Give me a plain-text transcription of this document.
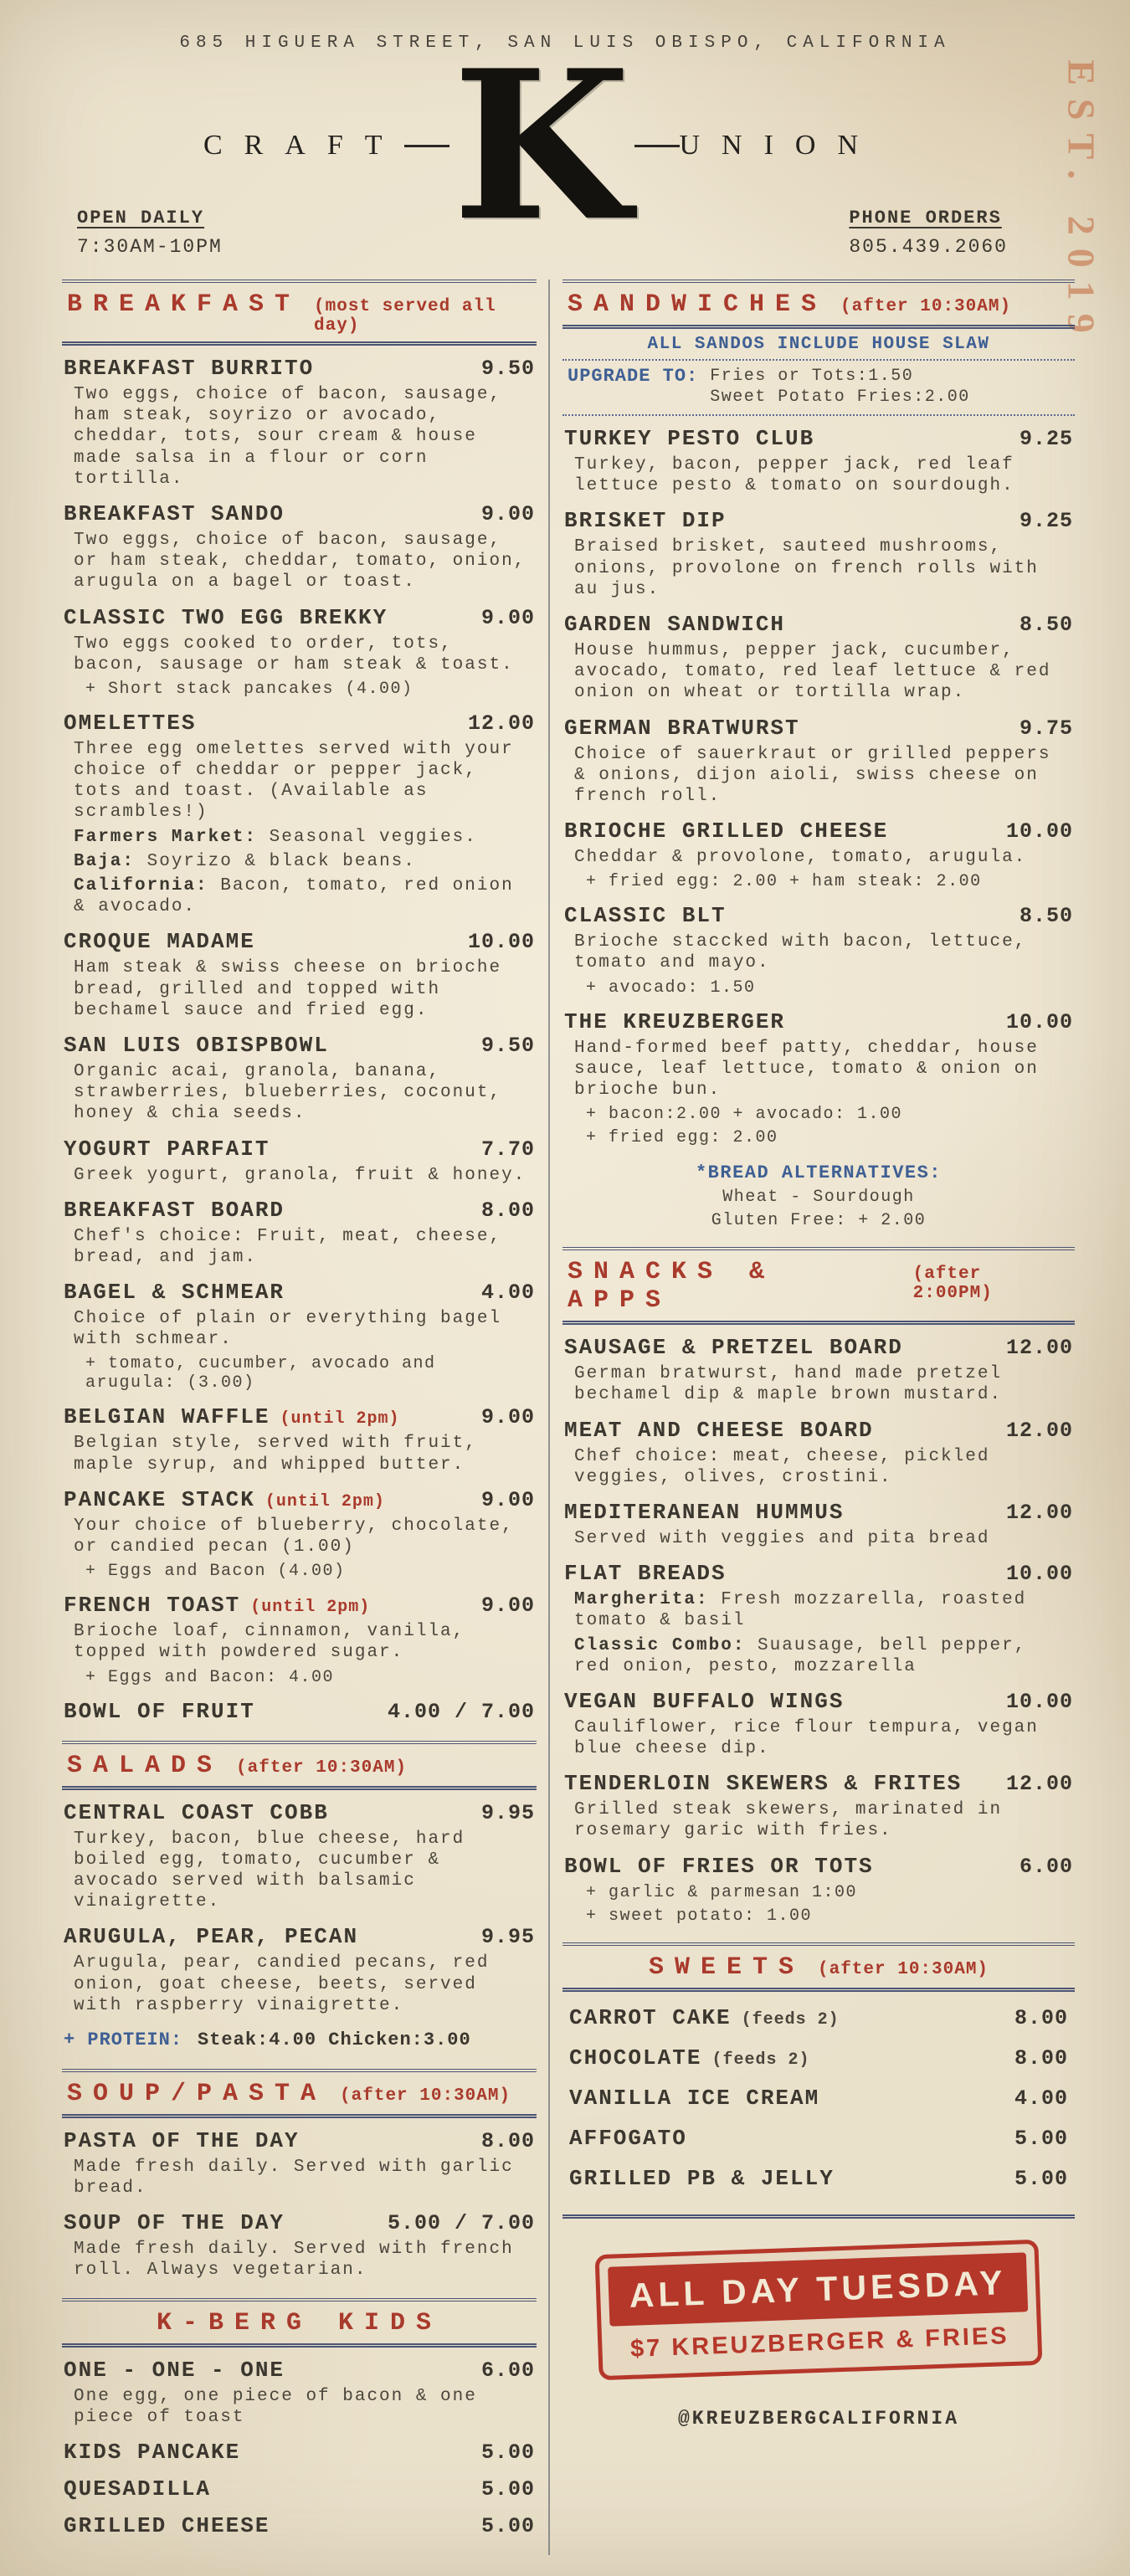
685 HIGUERA STREET, SAN LUIS OBISPO, CALIFORNIA
EST. 2019
CRAFT K UNION
OPEN DAILY
7:30AM-10PM
PHONE ORDERS
805.439.2060
BREAKFAST (most served all day)
BREAKFAST BURRITO	9.50
Two eggs, choice of bacon, sausage, ham steak, soyrizo or avocado, cheddar, tots, sour cream & house made salsa in a flour or corn tortilla.
BREAKFAST SANDO	9.00
Two eggs, choice of bacon, sausage, or ham steak, cheddar, tomato, onion, arugula on a bagel or toast.
CLASSIC TWO EGG BREKKY	9.00
Two eggs cooked to order, tots, bacon, sausage or ham steak & toast.
+ Short stack pancakes (4.00)
OMELETTES	12.00
Three egg omelettes served with your choice of cheddar or pepper jack, tots and toast. (Available as scrambles!)
Farmers Market: Seasonal veggies.
Baja: Soyrizo & black beans.
California: Bacon, tomato, red onion & avocado.
CROQUE MADAME	10.00
Ham steak & swiss cheese on brioche bread, grilled and topped with bechamel sauce and fried egg.
SAN LUIS OBISPBOWL	9.50
Organic acai, granola, banana, strawberries, blueberries, coconut, honey & chia seeds.
YOGURT PARFAIT	7.70
Greek yogurt, granola, fruit & honey.
BREAKFAST BOARD	8.00
Chef's choice: Fruit, meat, cheese, bread, and jam.
BAGEL & SCHMEAR	4.00
Choice of plain or everything bagel with schmear.
+ tomato, cucumber, avocado and arugula: (3.00)
BELGIAN WAFFLE (until 2pm)	9.00
Belgian style, served with fruit, maple syrup, and whipped butter.
PANCAKE STACK (until 2pm)	9.00
Your choice of blueberry, chocolate, or candied pecan (1.00)
+ Eggs and Bacon (4.00)
FRENCH TOAST (until 2pm)	9.00
Brioche loaf, cinnamon, vanilla, topped with powdered sugar.
+ Eggs and Bacon: 4.00
BOWL OF FRUIT	4.00 / 7.00
SALADS (after 10:30AM)
CENTRAL COAST COBB	9.95
Turkey, bacon, blue cheese, hard boiled egg, tomato, cucumber & avocado served with balsamic vinaigrette.
ARUGULA, PEAR, PECAN	9.95
Arugula, pear, candied pecans, red onion, goat cheese, beets, served with raspberry vinaigrette.
+ PROTEIN: Steak:4.00 Chicken:3.00
SOUP/PASTA (after 10:30AM)
PASTA OF THE DAY	8.00
Made fresh daily. Served with garlic bread.
SOUP OF THE DAY	5.00 / 7.00
Made fresh daily. Served with french roll. Always vegetarian.
K-BERG KIDS
ONE - ONE - ONE	6.00
One egg, one piece of bacon & one piece of toast
KIDS PANCAKE	5.00
QUESADILLA	5.00
GRILLED CHEESE	5.00
SANDWICHES (after 10:30AM)
ALL SANDOS INCLUDE HOUSE SLAW
UPGRADE TO: Fries or Tots:1.50
Sweet Potato Fries:2.00
TURKEY PESTO CLUB	9.25
Turkey, bacon, pepper jack, red leaf lettuce pesto & tomato on sourdough.
BRISKET DIP	9.25
Braised brisket, sauteed mushrooms, onions, provolone on french rolls with au jus.
GARDEN SANDWICH	8.50
House hummus, pepper jack, cucumber, avocado, tomato, red leaf lettuce & red onion on wheat or tortilla wrap.
GERMAN BRATWURST	9.75
Choice of sauerkraut or grilled peppers & onions, dijon aioli, swiss cheese on french roll.
BRIOCHE GRILLED CHEESE	10.00
Cheddar & provolone, tomato, arugula.
+ fried egg: 2.00 + ham steak: 2.00
CLASSIC BLT	8.50
Brioche staccked with bacon, lettuce, tomato and mayo.
+ avocado: 1.50
THE KREUZBERGER	10.00
Hand-formed beef patty, cheddar, house sauce, leaf lettuce, tomato & onion on brioche bun.
+ bacon:2.00 + avocado: 1.00
+ fried egg: 2.00
*BREAD ALTERNATIVES:
Wheat - Sourdough
Gluten Free: + 2.00
SNACKS & APPS
(after 2:00PM)
SAUSAGE & PRETZEL BOARD	12.00
German bratwurst, hand made pretzel bechamel dip & maple brown mustard.
MEAT AND CHEESE BOARD	12.00
Chef choice: meat, cheese, pickled veggies, olives, crostini.
MEDITERANEAN HUMMUS	12.00
Served with veggies and pita bread
FLAT BREADS	10.00
Margherita: Fresh mozzarella, roasted tomato & basil
Classic Combo: Suausage, bell pepper, red onion, pesto, mozzarella
VEGAN BUFFALO WINGS	10.00
Cauliflower, rice flour tempura, vegan blue cheese dip.
TENDERLOIN SKEWERS & FRITES 12.00
Grilled steak skewers, marinated in rosemary garic with fries.
BOWL OF FRIES OR TOTS	6.00
+ garlic & parmesan 1:00
+ sweet potato: 1.00
SWEETS (after 10:30AM)
CARROT CAKE (feeds 2)	8.00
CHOCOLATE (feeds 2)	8.00
VANILLA ICE CREAM	4.00
AFFOGATO	5.00
GRILLED PB & JELLY	5.00
ALL DAY TUESDAY
$7 KREUZBERGER & FRIES
@KREUZBERGCALIFORNIA
